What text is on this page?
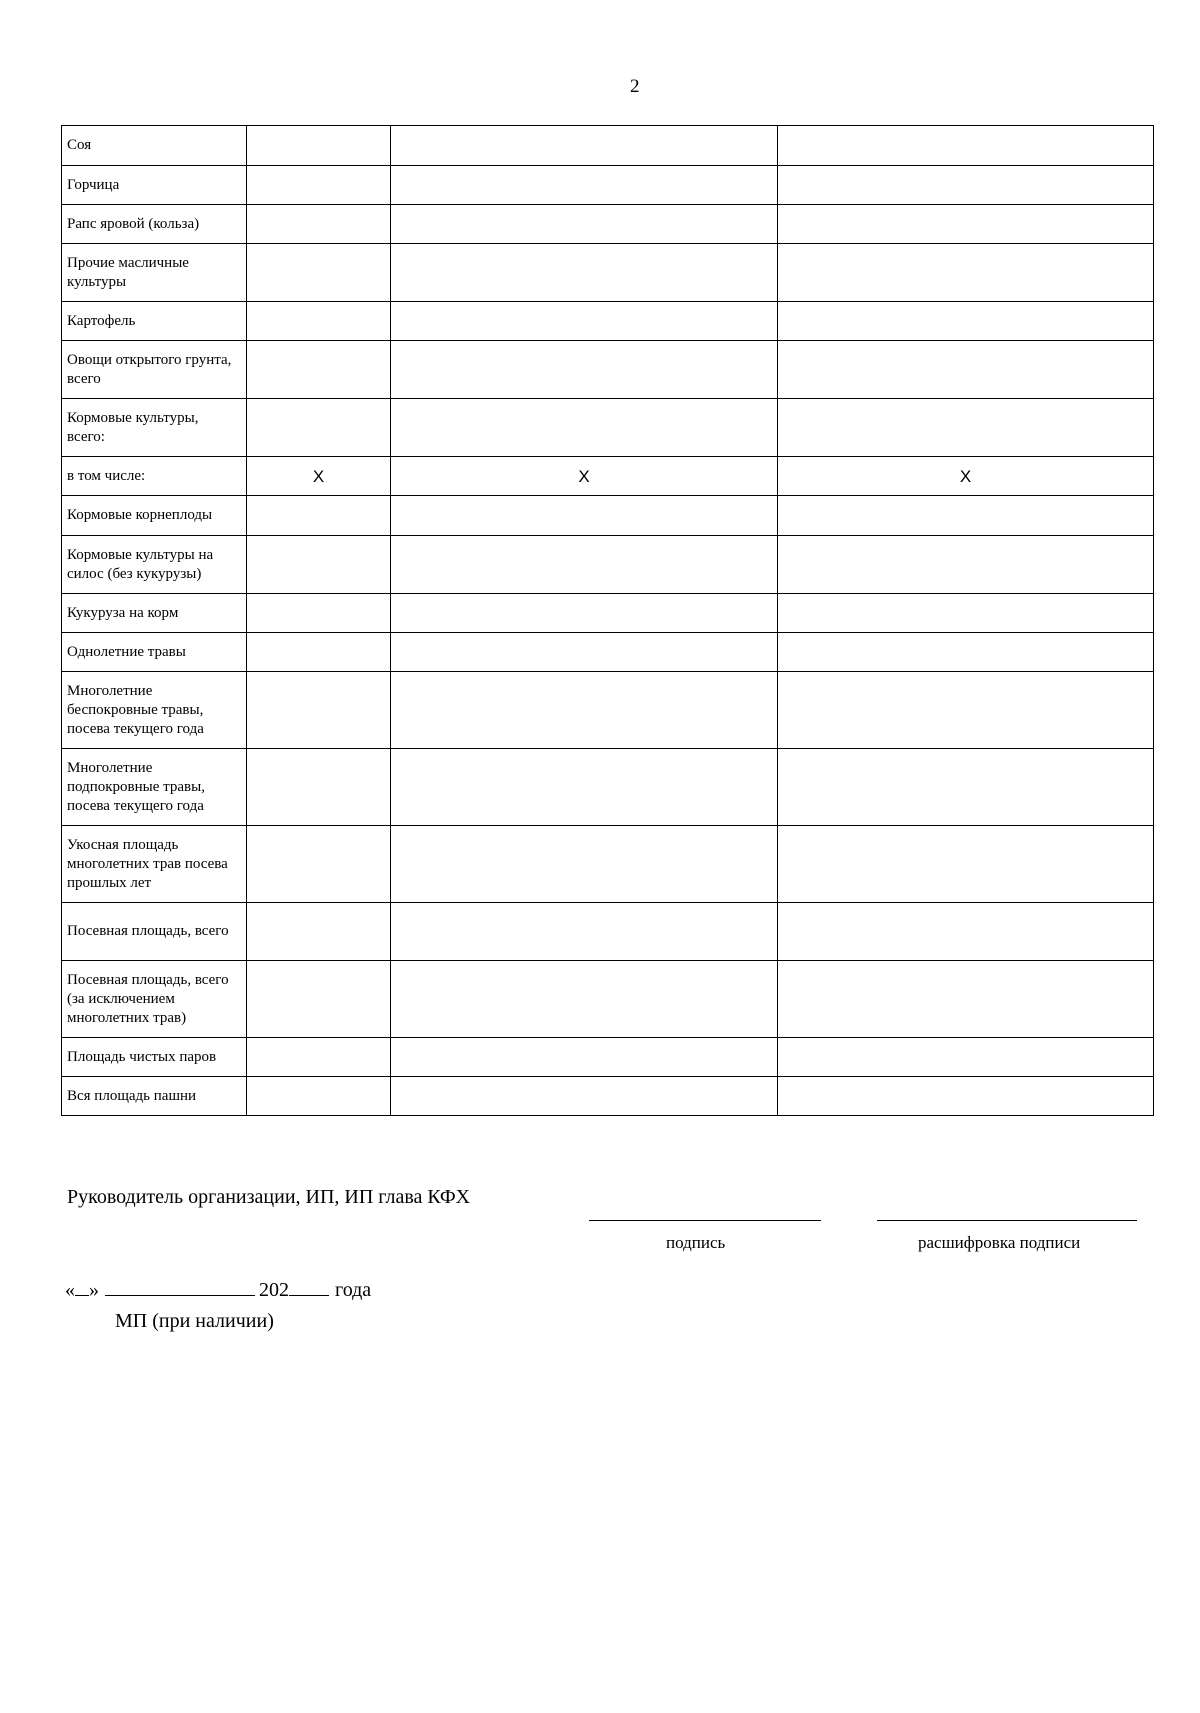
2
Соя			
Горчица			
Рапс яровой (кольза)			
Прочие масличные культуры			
Картофель			
Овощи открытого грунта, всего			
Кормовые культуры, всего:			
в том числе:	Х	Х	Х
Кормовые корнеплоды			
Кормовые культуры на силос (без кукурузы)			
Кукуруза на корм			
Однолетние травы			
Многолетние беспокровные травы, посева текущего года			
Многолетние подпокровные травы, посева текущего года			
Укосная площадь многолетних трав посева прошлых лет			
Посевная площадь, всего			
Посевная площадь, всего (за исключением многолетних трав)			
Площадь чистых паров			
Вся площадь пашни			
Руководитель организации, ИП, ИП глава КФХ
подпись	расшифровка подписи
« »	202 года
МП (при наличии)
